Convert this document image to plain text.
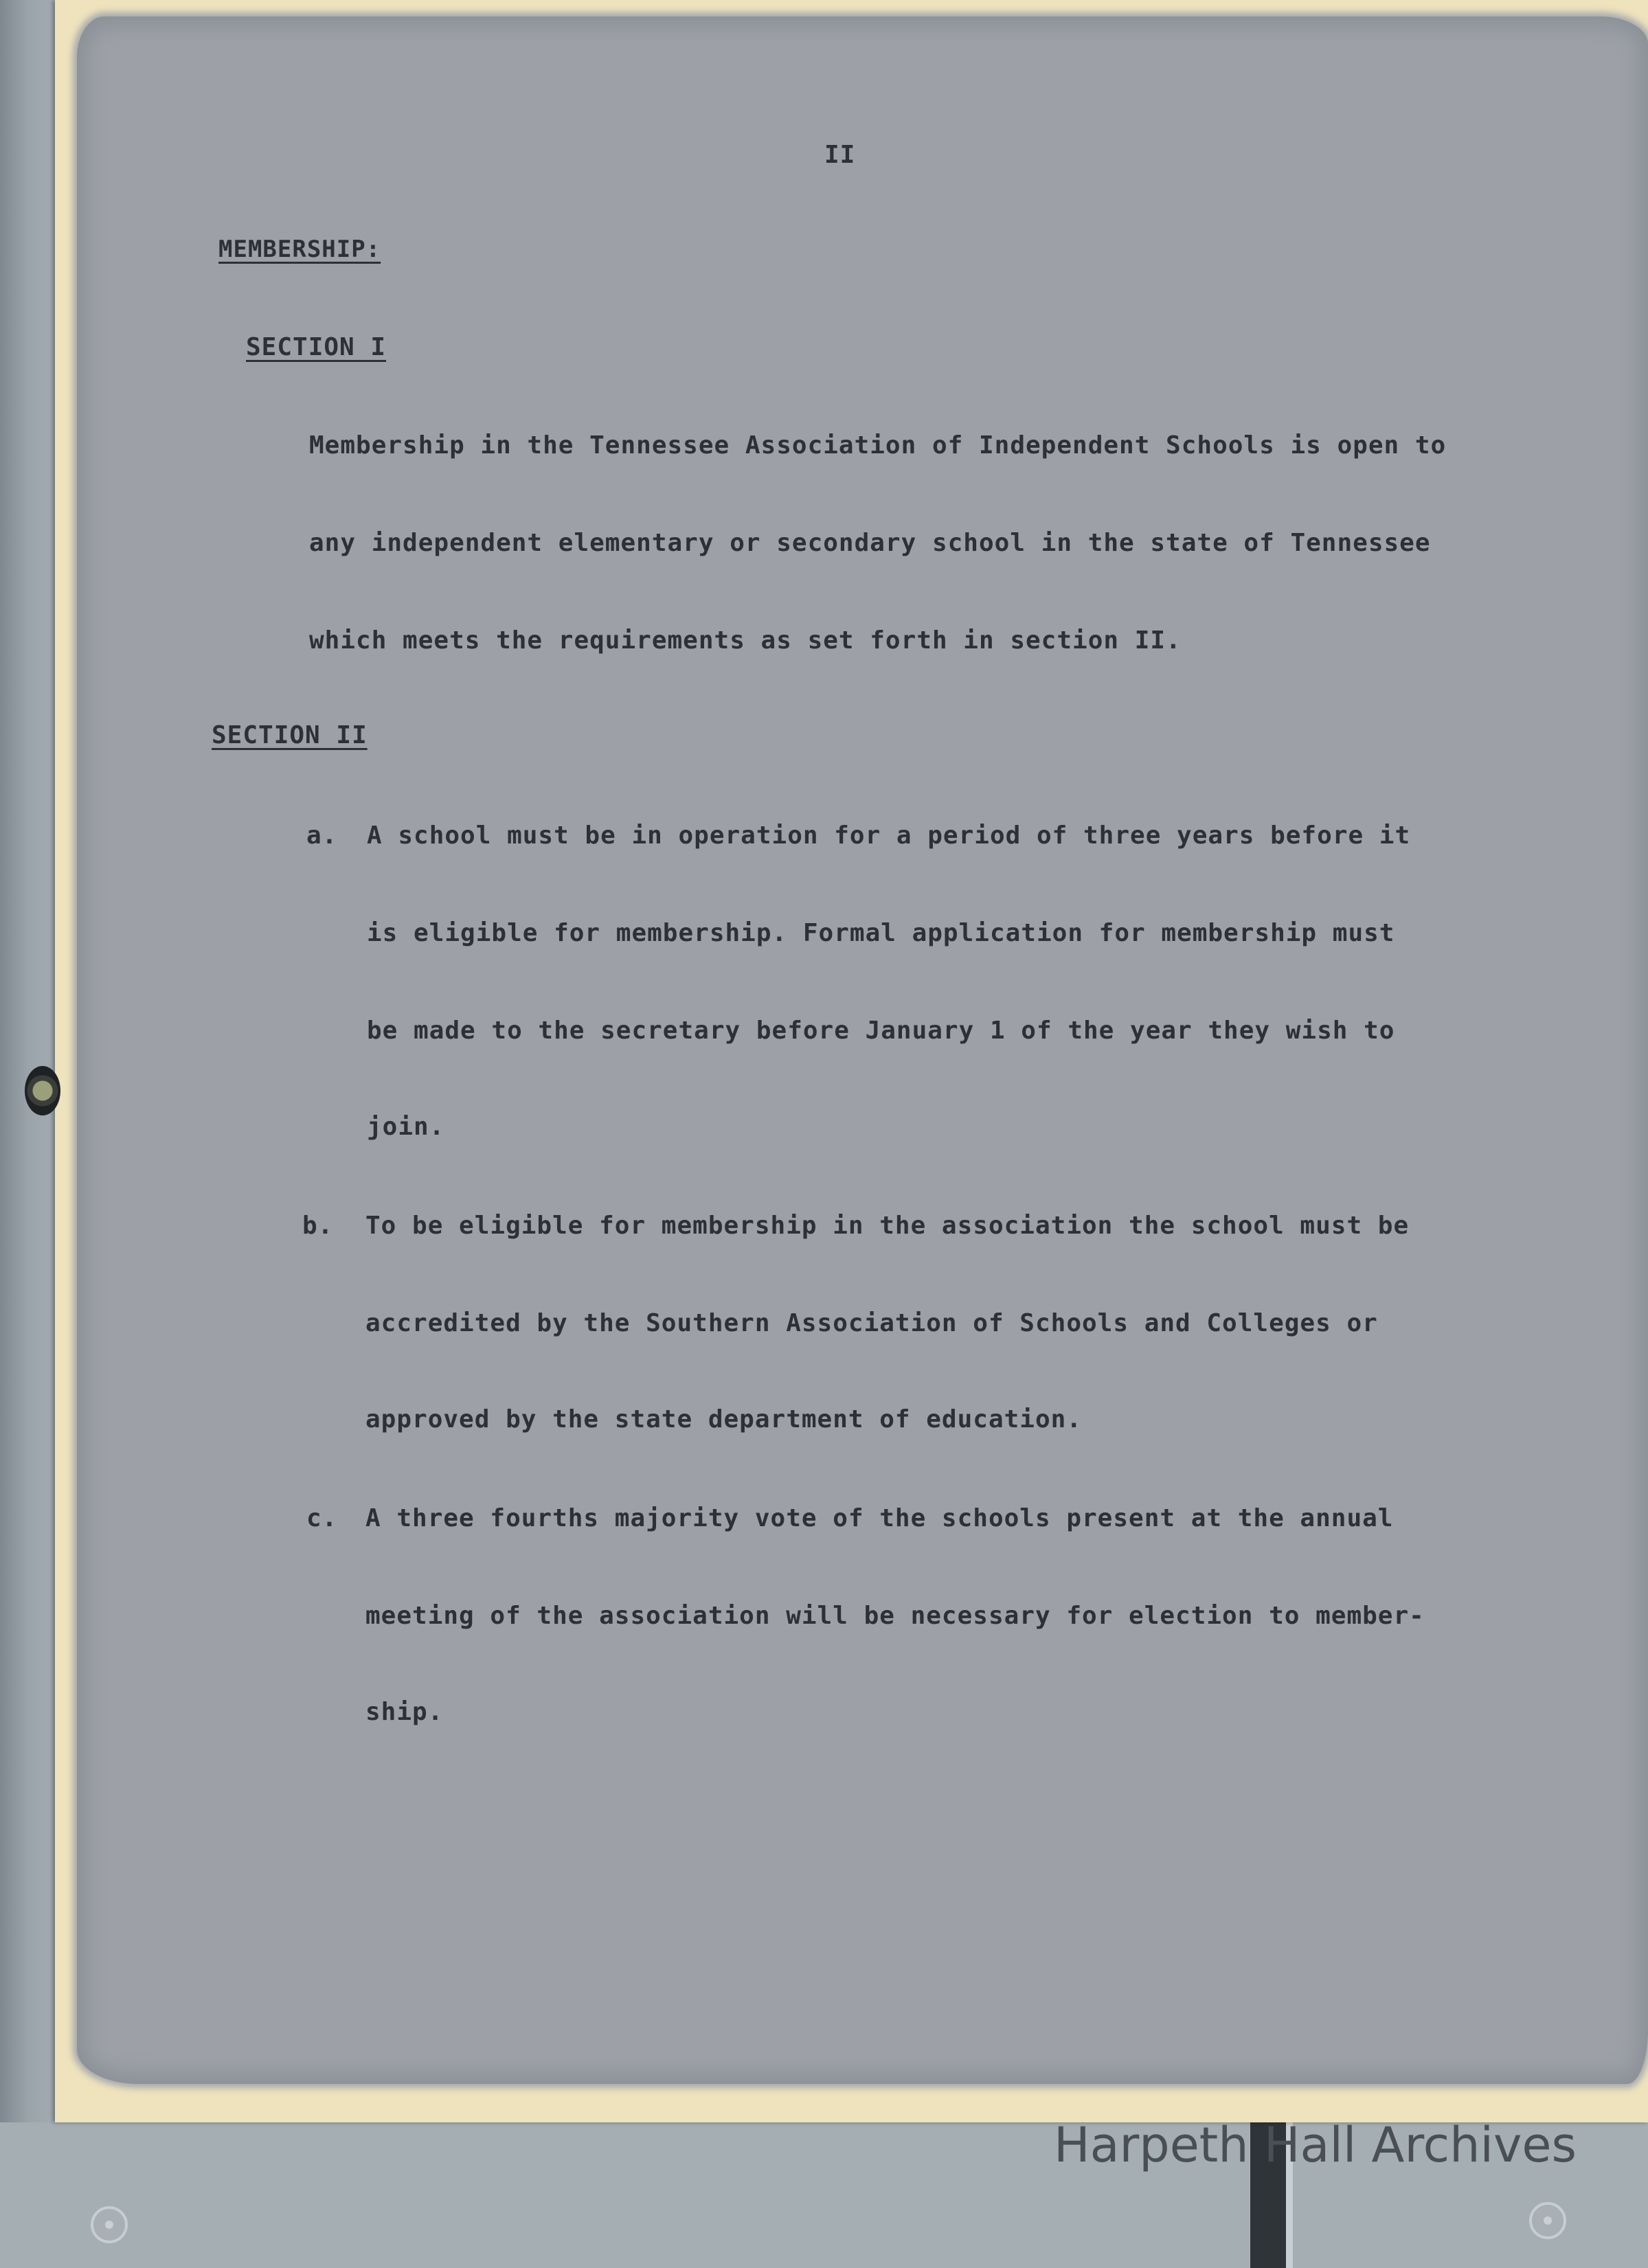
II
MEMBERSHIP:
SECTION I
Membership in the Tennessee Association of Independent Schools is open to
any independent elementary or secondary school in the state of Tennessee
which meets the requirements as set forth in section II.
SECTION II
a. A school must be in operation for a period of three years before it
is eligible for membership. Formal application for membership must
be made to the secretary before January 1 of the year they wish to
join.
b. To be eligible for membership in the association the school must be
accredited by the Southern Association of Schools and Colleges or
approved by the state department of education.
c. A three fourths majority vote of the schools present at the annual
meeting of the association will be necessary for election to member-
ship.
Harpeth Hall Archives
